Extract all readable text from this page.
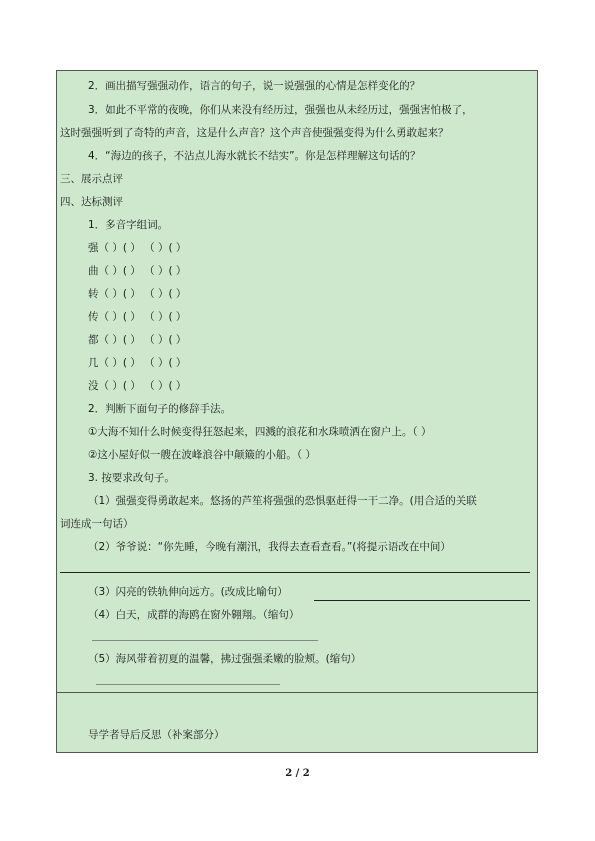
2．画出描写强强动作，语言的句子，说一说强强的心情是怎样变化的？
3．如此不平常的夜晚，你们从来没有经历过，强强也从未经历过，强强害怕极了，
这时强强听到了奇特的声音，这是什么声音？这个声音使强强变得为什么勇敢起来？
4．“海边的孩子，不沾点儿海水就长不结实”。你是怎样理解这句话的？
三、展示点评
四、达标测评
1．多音字组词。
强（ ）( ） （ ）( ）
曲（ ）( ） （ ）( ）
转（ ）( ） （ ）( ）
传（ ）( ） （ ）( ）
都（ ）( ） （ ）( ）
几（ ）( ） （ ）( ）
没（ ）( ） （ ）( ）
2．判断下面句子的修辞手法。
①大海不知什么时候变得狂怒起来，四溅的浪花和水珠喷洒在窗户上。（ ）
②这小屋好似一艘在波峰浪谷中颠簸的小船。（ ）
3. 按要求改句子。
（1）强强变得勇敢起来。悠扬的芦笙将强强的恐惧驱赶得一干二净。(用合适的关联
词连成一句话）
（2）爷爷说：“你先睡，今晚有潮汛，我得去查看查看。”(将提示语改在中间）
（3）闪亮的铁轨伸向远方。(改成比喻句）
（4）白天，成群的海鸥在窗外翱翔。（缩句）
（5）海风带着初夏的温馨，拂过强强柔嫩的脸颊。(缩句）
导学者导后反思（补案部分）
2 / 2
